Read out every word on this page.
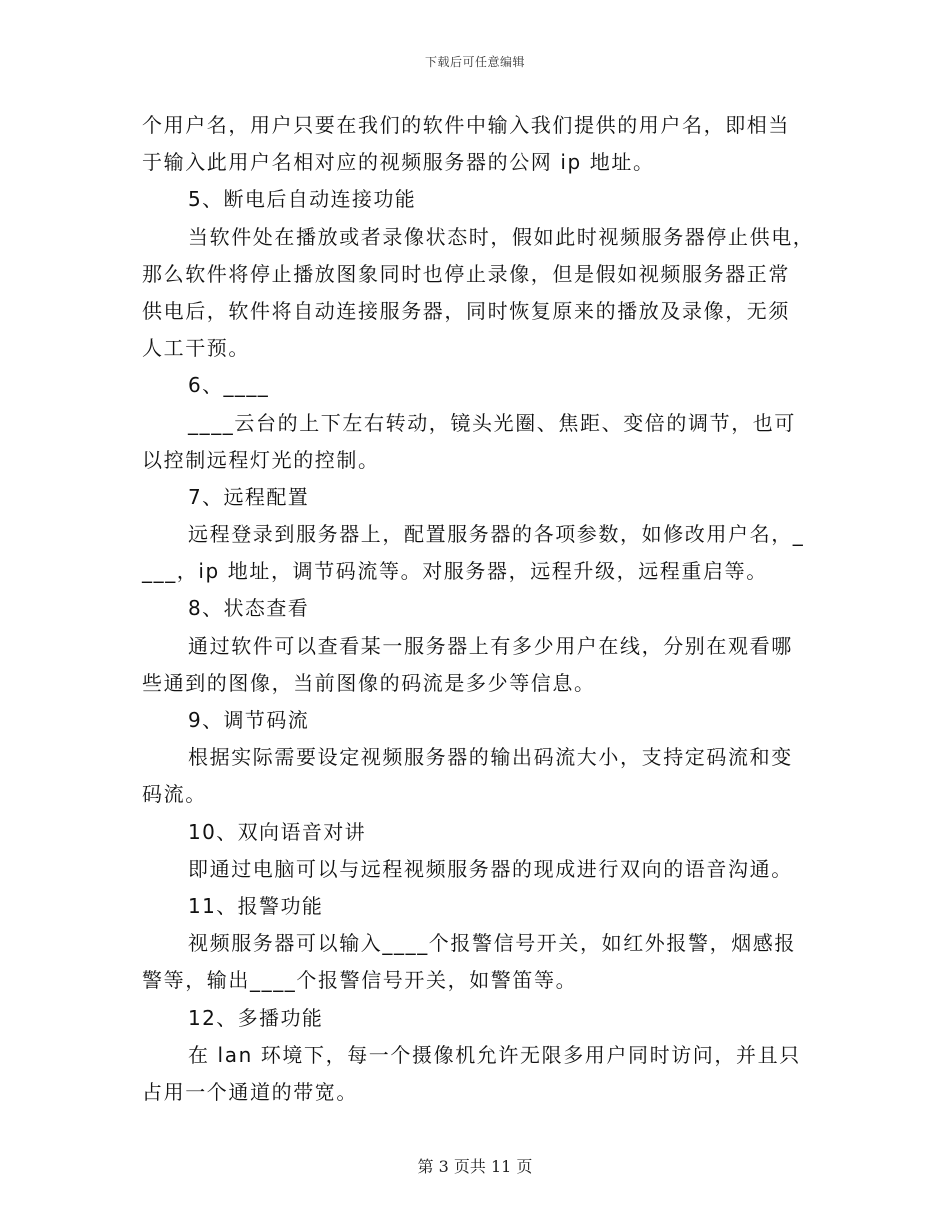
下载后可任意编辑
个用户名，用户只要在我们的软件中输入我们提供的用户名，即相当
于输入此用户名相对应的视频服务器的公网 ip 地址。
5、断电后自动连接功能
当软件处在播放或者录像状态时，假如此时视频服务器停止供电，
那么软件将停止播放图象同时也停止录像，但是假如视频服务器正常
供电后，软件将自动连接服务器，同时恢复原来的播放及录像，无须
人工干预。
6、____
____云台的上下左右转动，镜头光圈、焦距、变倍的调节，也可
以控制远程灯光的控制。
7、远程配置
远程登录到服务器上，配置服务器的各项参数，如修改用户名，_
___，ip 地址，调节码流等。对服务器，远程升级，远程重启等。
8、状态查看
通过软件可以查看某一服务器上有多少用户在线，分别在观看哪
些通到的图像，当前图像的码流是多少等信息。
9、调节码流
根据实际需要设定视频服务器的输出码流大小，支持定码流和变
码流。
10、双向语音对讲
即通过电脑可以与远程视频服务器的现成进行双向的语音沟通。
11、报警功能
视频服务器可以输入____个报警信号开关，如红外报警，烟感报
警等，输出____个报警信号开关，如警笛等。
12、多播功能
在 lan 环境下，每一个摄像机允许无限多用户同时访问，并且只
占用一个通道的带宽。
第 3 页共 11 页
